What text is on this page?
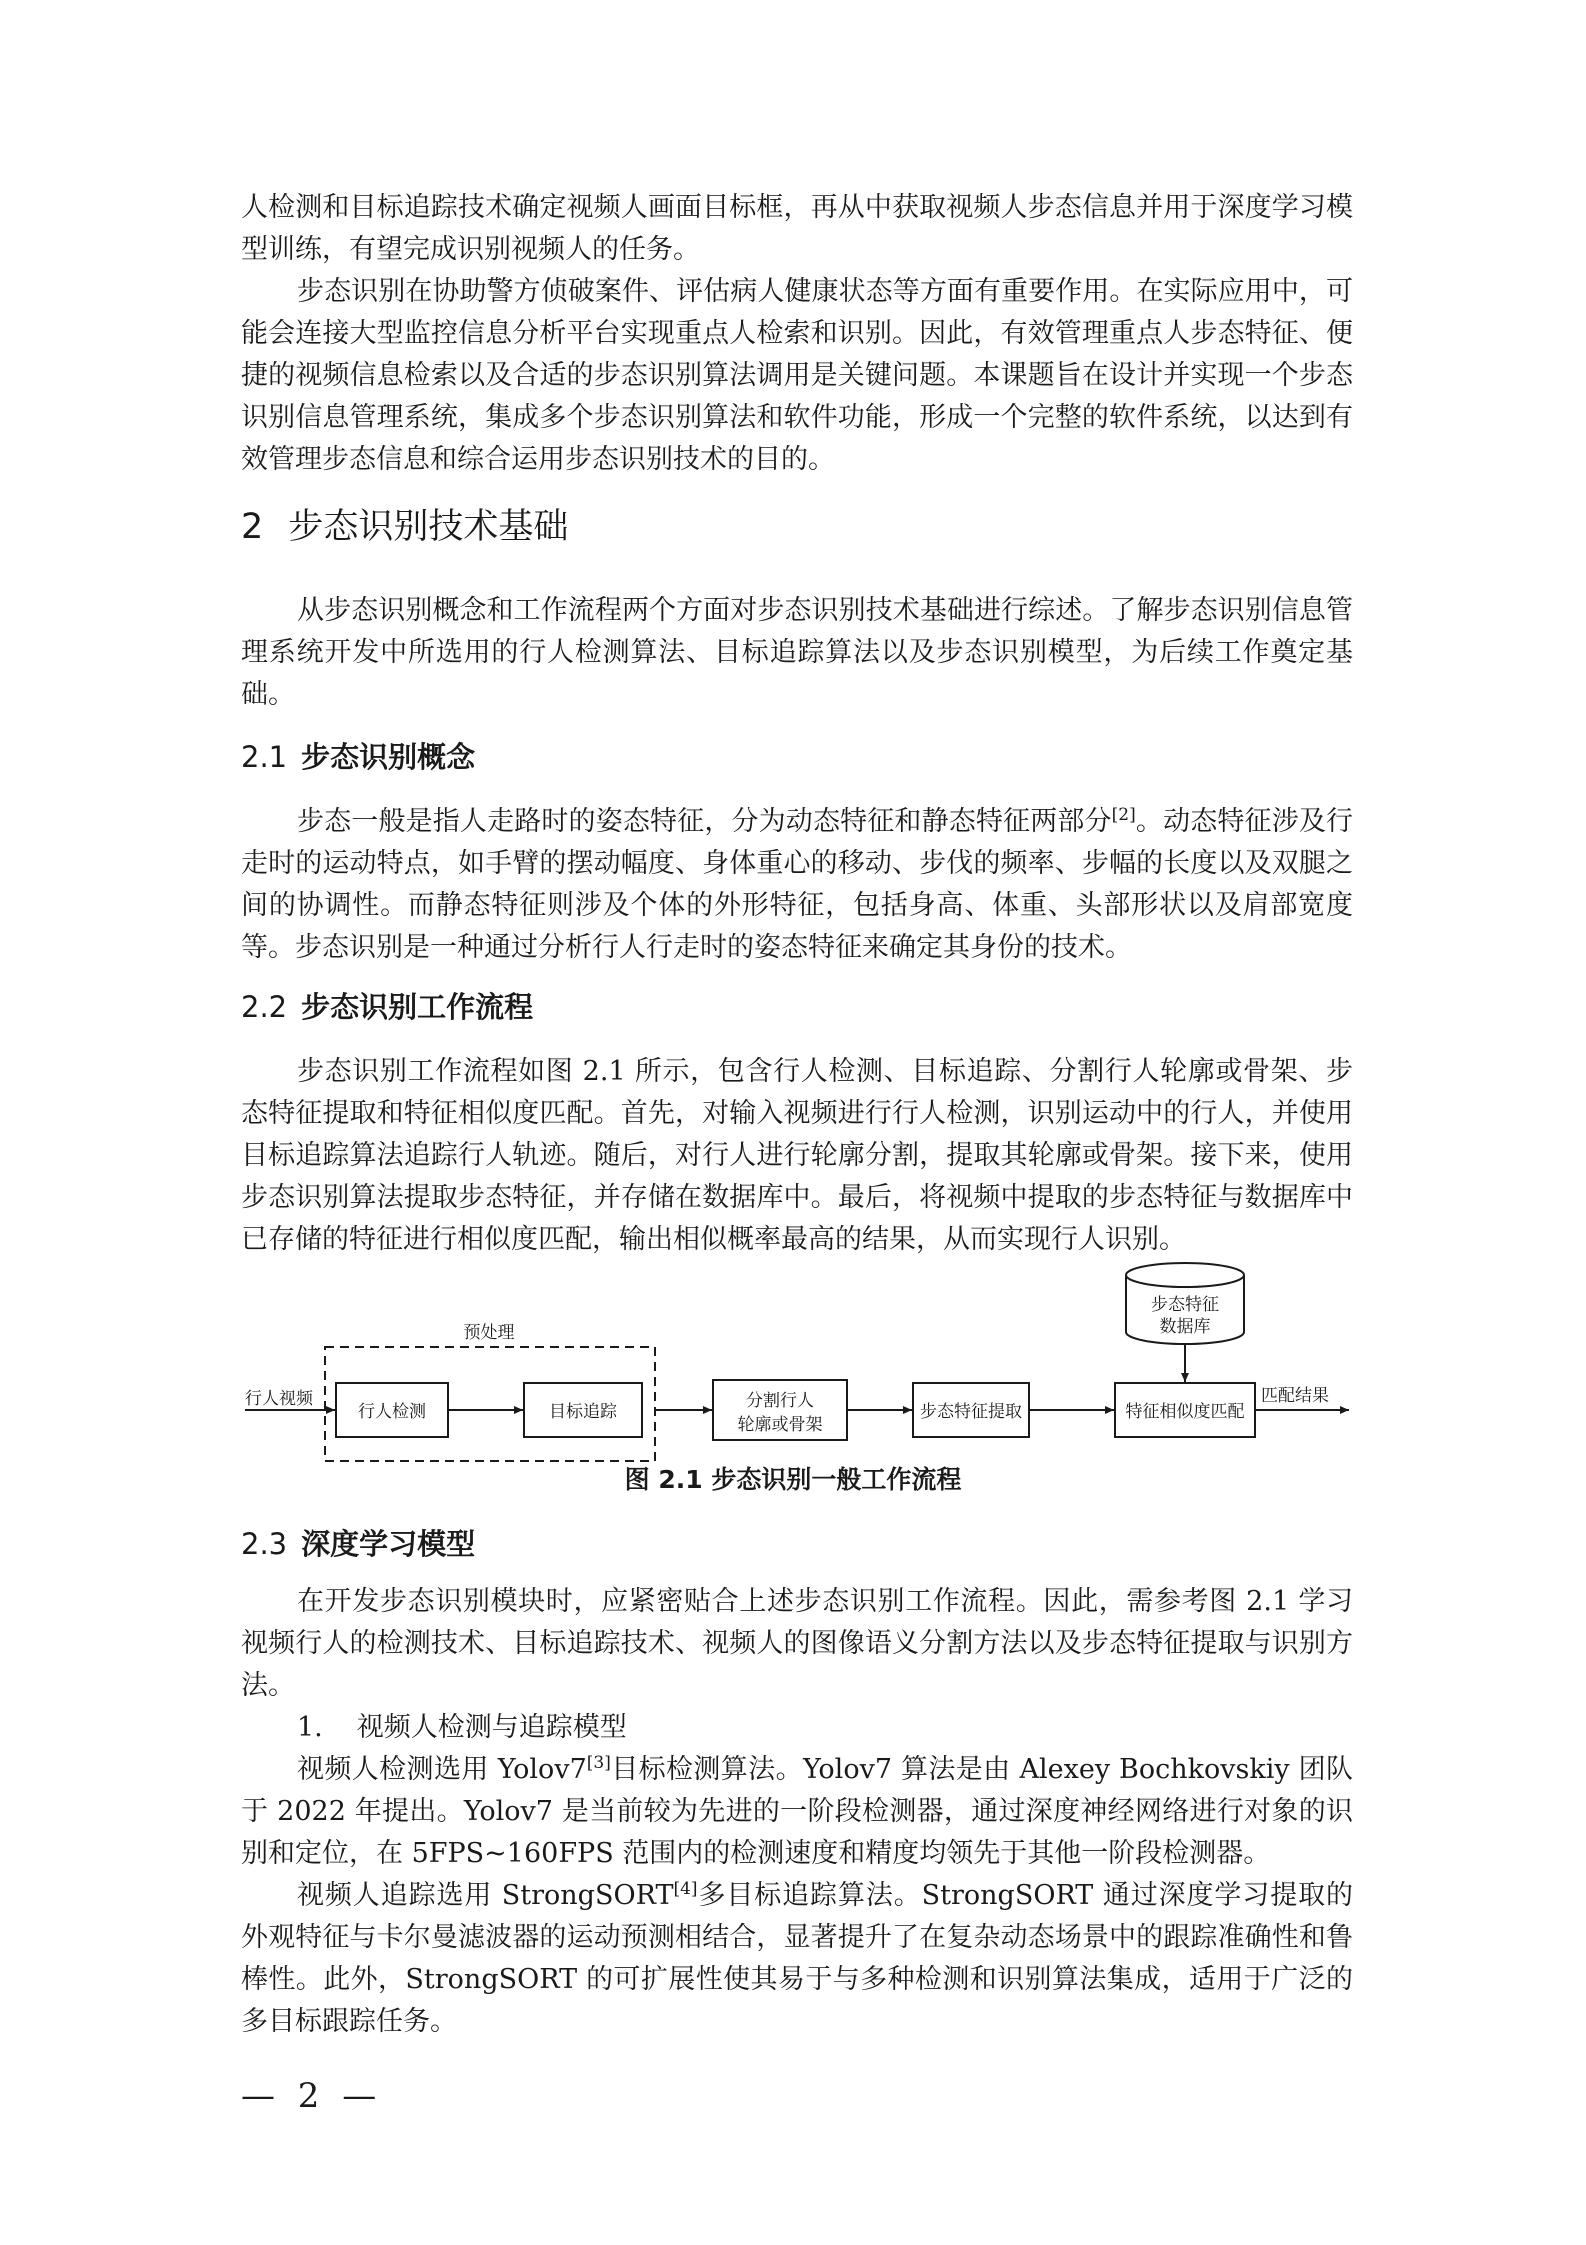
人检测和目标追踪技术确定视频人画面目标框，再从中获取视频人步态信息并用于深度学习模型训练，有望完成识别视频人的任务。

步态识别在协助警方侦破案件、评估病人健康状态等方面有重要作用。在实际应用中，可能会连接大型监控信息分析平台实现重点人检索和识别。因此，有效管理重点人步态特征、便捷的视频信息检索以及合适的步态识别算法调用是关键问题。本课题旨在设计并实现一个步态识别信息管理系统，集成多个步态识别算法和软件功能，形成一个完整的软件系统，以达到有效管理步态信息和综合运用步态识别技术的目的。

2 步态识别技术基础

从步态识别概念和工作流程两个方面对步态识别技术基础进行综述。了解步态识别信息管理系统开发中所选用的行人检测算法、目标追踪算法以及步态识别模型，为后续工作奠定基础。

2.1 步态识别概念

步态一般是指人走路时的姿态特征，分为动态特征和静态特征两部分[2]。动态特征涉及行走时的运动特点，如手臂的摆动幅度、身体重心的移动、步伐的频率、步幅的长度以及双腿之间的协调性。而静态特征则涉及个体的外形特征，包括身高、体重、头部形状以及肩部宽度等。步态识别是一种通过分析行人行走时的姿态特征来确定其身份的技术。

2.2 步态识别工作流程

步态识别工作流程如图 2.1 所示，包含行人检测、目标追踪、分割行人轮廓或骨架、步态特征提取和特征相似度匹配。首先，对输入视频进行行人检测，识别运动中的行人，并使用目标追踪算法追踪行人轨迹。随后，对行人进行轮廓分割，提取其轮廓或骨架。接下来，使用步态识别算法提取步态特征，并存储在数据库中。最后，将视频中提取的步态特征与数据库中已存储的特征进行相似度匹配，输出相似概率最高的结果，从而实现行人识别。

预处理
行人视频
行人检测	目标追踪
分割行人
轮廓或骨架
步态特征提取	特征相似度匹配
步态特征
数据库
匹配结果

图 2.1 步态识别一般工作流程

2.3 深度学习模型

在开发步态识别模块时，应紧密贴合上述步态识别工作流程。因此，需参考图 2.1 学习视频行人的检测技术、目标追踪技术、视频人的图像语义分割方法以及步态特征提取与识别方法。

1. 视频人检测与追踪模型

视频人检测选用 Yolov7[3]目标检测算法。Yolov7 算法是由 Alexey Bochkovskiy 团队于 2022 年提出。Yolov7 是当前较为先进的一阶段检测器，通过深度神经网络进行对象的识别和定位，在 5FPS~160FPS 范围内的检测速度和精度均领先于其他一阶段检测器。

视频人追踪选用 StrongSORT[4]多目标追踪算法。StrongSORT 通过深度学习提取的外观特征与卡尔曼滤波器的运动预测相结合，显著提升了在复杂动态场景中的跟踪准确性和鲁棒性。此外，StrongSORT 的可扩展性使其易于与多种检测和识别算法集成，适用于广泛的多目标跟踪任务。

— 2 —
